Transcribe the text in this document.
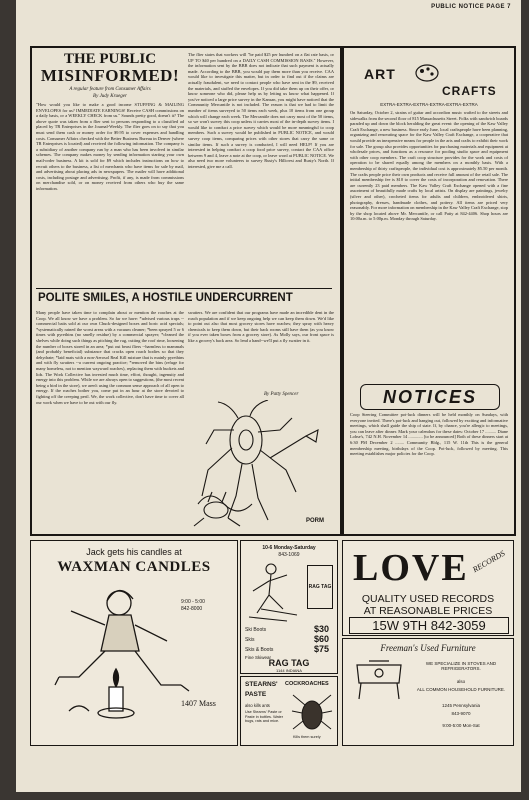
PUBLIC NOTICE PAGE 7
THE PUBLIC
MISINFORMED!
A regular feature from Consumer Affairs
By Judy Krueger
"How would you like to make a good income STUFFING & MAILING ENVELOPES for us? IMMEDIATE EARNINGS! Receive CASH commissions on a daily basis, or a WEEKLY CHECK from us." Sounds pretty good, doesn't it? The above quote was taken from a flier sent to persons responding to a classified ad placed by TR Enterprises in the Journal-Weekly. The flier goes on to say that you must send them cash or money order for $9.95 to cover expenses and handling costs. Consumer Affairs checked with the Better Business Bureau in Denver (where TR Enterprises is located) and received the following information. The company is a subsidiary of another company run by a man who has been involved in similar schemes. The company makes money by sending information starting your own mail-order business. A kit is sold for $9 which includes instructions on how to recruit others to the business, a list of merchants who have items for sale by mail, and advertising about placing ads in newspapers. The mailer will have additional costs, including postage and advertising. Profit, if any, is made from commissions on merchandise sold, or on money received from others who buy the same information.
The flier states that workers will "be paid $25 per hundred on a flat rate basis, or UP TO $40 per hundred on a DAILY CASH COMMISSION BASIS." However, the information sent by the BBB does not indicate that such payment is actually made. According to the BBB, you would pay them more than you receive. CAA would like to investigate this matter, but in order to find out if the claims are actually fraudulent, we need to contact people who have sent in the $9, received the materials, and stuffed the envelopes. If you did take them up on their offer, or know someone who did, please help us by letting us know what happened. If you've noticed a large price survey in the Kansan, you might have noticed that the Community Mercantile is not included. The reason is that we had to limit the number of items surveyed to 50 items each week, plus 10 items from one group which will change each week. The Mercantile does not carry most of the 50 items, so we won't survey this coop unless it carries most of the in-depth survey items. I would like to conduct a price survey which would be more meaningful to coop members. Such a survey would be published in PUBLIC NOTICE, and would survey coop items, comparing prices with other stores that carry the same or similar items. If such a survey is conducted, I will need HELP! If you are interested in helping conduct a coop food price survey, contact the CAA office between 9 and 4, leave a note at the coop, or leave word at PUBLIC NOTICE. We also need two more volunteers to survey Rusty's Hillcrest and Rusty's North. If interested, give me a call.
POLITE SMILES, A HOSTILE UNDERCURRENT
Many people have taken time to complain about or mention the roaches at the Coop. We all know we have a problem. So far we have: *advised various traps -- commercial baits sold at our own Chuck-designed boxes and boric acid specials; *systematically rained the worst areas with a vacuum cleaner; *been sprayed 5 or 6 times with pyrethins (no smelly residue) by a commercial sprayer; *cleaned the shelves while doing such things as pitching the rug, cutting the roof rime, loosening the number of boxes stored in an area; *put out beast fliers --harmless to mammals (and probably beneficial) substance that cracks open roach bodies so that they dehydrate; *laid mats with a non-Aerosol Real Kill mixture that is mainly pyrethins and with fly swatters --a current ongoing practice; *removed the bins (refuge for many homeless, not to mention wayward roaches), replacing them with buckets and lids. The Work Collective has invested much time, effort, thought, ingenuity and energy into this problem. While we are always open to suggestions, (the most recent being a bird in the store), we aren't using the common sense approach of all open to energy. If the roaches bother you, come put in an hour at the store devoted to fighting off the creeping peril. We, the work collective, don't have time to cover all our work when we have to be out with our fly.
swatters. We are confident that our programs have made an incredible dent in the roach population and if we keep ongoing help we can keep them down. We'd like to point out also that most grocery stores have roaches; they spray with heavy chemicals to keep them down, but their back rooms still have them (as you know if you ever taken boxes from a grocery store). As Molly says, our front space is like a grocery's back area. So lend a hand--we'll put a fly swatter in it.
By Patty Spencer
PORM
ART
CRAFTS
EXTRA-EXTRA-EXTRA-EXTRA-EXTRA-EXTRA
On Saturday, October 2, strains of guitar and accordion music wafted to the streets and sidewalks from the second floor of 815 Massachusetts Street. Folks with sandwich boards paraded up and down the block heralding the great event: the opening of the Kaw Valley Craft Exchange, a new business. Since early June, local craftspeople have been planning, organizing and renovating space for the Kaw Valley Craft Exchange, a cooperative that would provide an inexpensive means for people in the arts and crafts to exhibit their work for sale. The group also provides opportunities for purchasing materials and equipment at wholesale prices, and functions as a resource for pooling studio space and equipment with other coop members. The craft coop structure provides for the work and costs of operation to be shared equally among the members on a monthly basis. With a membership of thirty craftspeople, the individual cost is approximately $5.50 per month. The crafts people price their own products and receive full amount of the retail sale. The initial membership fee is $10 to cover the costs of incorporation and renovation. There are currently 23 paid members. The Kaw Valley Craft Exchange opened with a fine assortment of beautifully made crafts by local artists. On display are paintings, jewelry (silver and other), crocheted items for adults and children, embroidered shirts, photography, dresses, handmade clothes, and pottery. All items are priced very reasonably. For more information on membership in the Kaw Valley Craft Exchange, stop by the shop located above Mr. Mercantile, or call Patty at 842-4406. Shop hours are 10:00a.m. to 5:00p.m. Monday through Saturday.
NOTICES
Coop Steering Committee pot-luck dinners will be held monthly on Sundays, with everyone invited. There's pot-luck and hanging out, followed by exciting and informative meetings, which shall guide the ship of state. If, by chance, you're allergic to meetings, you can leave after dinner. Mark your calendars for these dates: October 17 .......... Diane Lohse's, 742 N.H. November 14 ............. [to be announced] Both of these dinners start at 6:30 PM December 2 ........ Community Bldg., 115 W. 11th This is the general membership meeting, birthdays of the Coop. Pot-luck, followed by meeting. This meeting establishes major policies for the Coop.
Jack gets his candles at
WAXMAN CANDLES
9:00 - 5:00
842-8000
1407 Mass
10-6 Monday-Saturday
843-1069
RAG TAG
Ski Boots	$30
Skis	$60
Skis & Boots	$75
Fine Skiwear
RAG TAG
1144 INDIANA
STEARNS'
PASTE
COCKROACHES
also kills ants
Use Stearns' Paste or Paste in bottles. Water bugs, rats and mice.
Kills them surely
LOVE RECORDS
QUALITY USED RECORDS
AT REASONABLE PRICES
15W 9TH 842-3059
Freeman's Used Furniture
WE SPECIALIZE IN STOVES AND REFRIGERATORS.
also
ALL COMMON HOUSEHOLD FURNITURE.
1245 Pennsylvania
843-9070
9:00-5:00 Mon-Sat
